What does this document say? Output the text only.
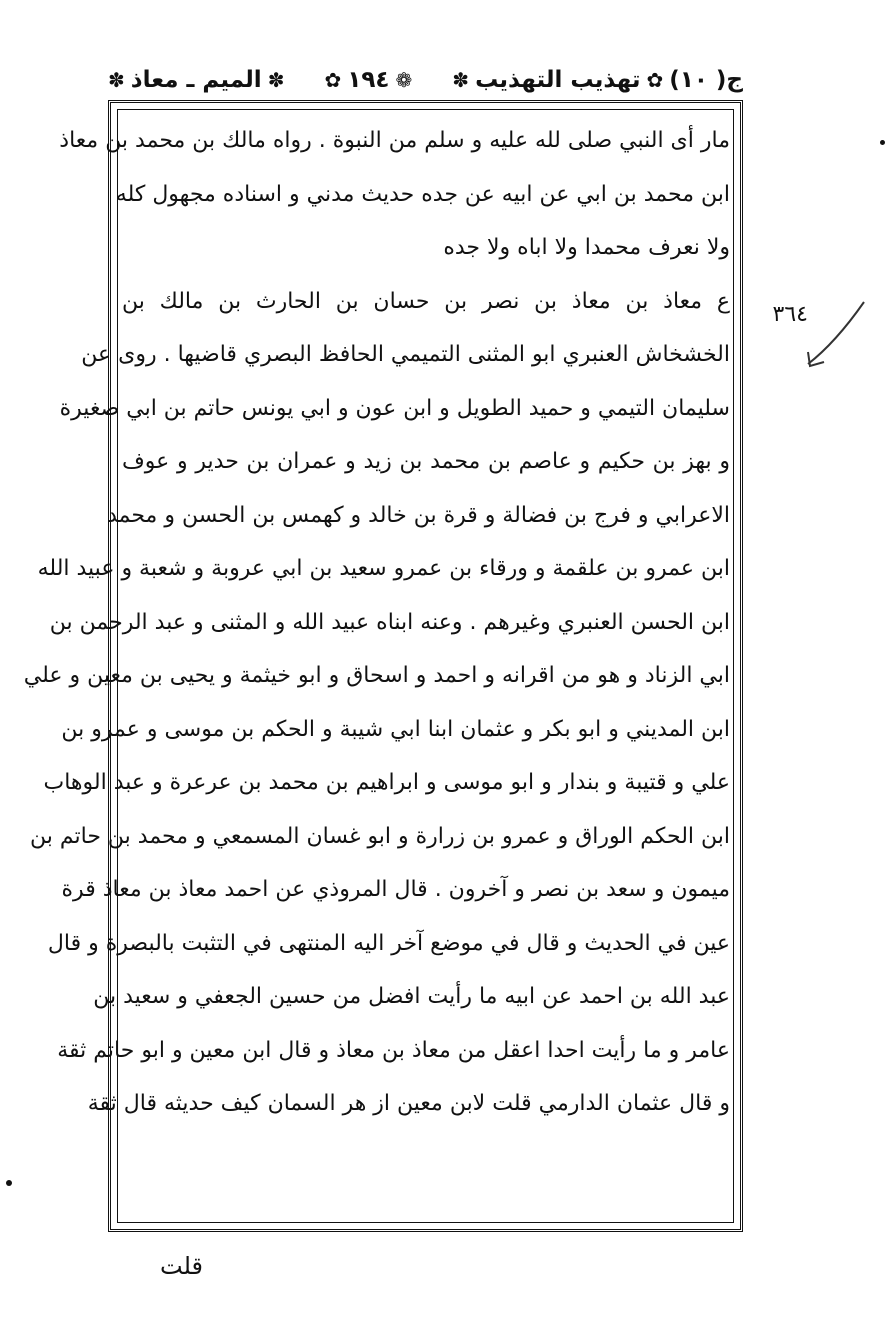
ج( ١٠)
✿
تهذيب التهذيب
✽
❁
١٩٤
✿
✽
الميم ـ معاذ
✽
مار أى النبي صلى لله عليه و سلم من النبوة . رواه مالك بن محمد بن معاذ
ابن محمد بن ابي عن ابيه عن جده حديث مدني و اسناده مجهول كله
ولا نعرف محمدا ولا اباه ولا جده
ع معاذ بن معاذ بن نصر بن حسان بن الحارث بن مالك بن
الخشخاش العنبري ابو المثنى التميمي الحافظ البصري قاضيها . روى عن
سليمان التيمي و حميد الطويل و ابن عون و ابي يونس حاتم بن ابي صغيرة
و بهز بن حكيم و عاصم بن محمد بن زيد و عمران بن حدير و عوف
الاعرابي و فرج بن فضالة و قرة بن خالد و كهمس بن الحسن و محمد
ابن عمرو بن علقمة و ورقاء بن عمرو سعيد بن ابي عروبة و شعبة و عبيد الله
ابن الحسن العنبري وغيرهم . وعنه ابناه عبيد الله و المثنى و عبد الرحمن بن
ابي الزناد و هو من اقرانه و احمد و اسحاق و ابو خيثمة و يحيى بن معين و علي
ابن المديني و ابو بكر و عثمان ابنا ابي شيبة و الحكم بن موسى و عمرو بن
علي و قتيبة و بندار و ابو موسى و ابراهيم بن محمد بن عرعرة و عبد الوهاب
ابن الحكم الوراق و عمرو بن زرارة و ابو غسان المسمعي و محمد بن حاتم بن
ميمون و سعد بن نصر و آخرون . قال المروذي عن احمد معاذ بن معاذ قرة
عين في الحديث و قال في موضع آخر اليه المنتهى في التثبت بالبصرة و قال
عبد الله بن احمد عن ابيه ما رأيت افضل من حسين الجعفي و سعيد بن
عامر و ما رأيت احدا اعقل من معاذ بن معاذ و قال ابن معين و ابو حاتم ثقة
و قال عثمان الدارمي قلت لابن معين از هر السمان كيف حديثه قال ثقة
٣٦٤
قلت
